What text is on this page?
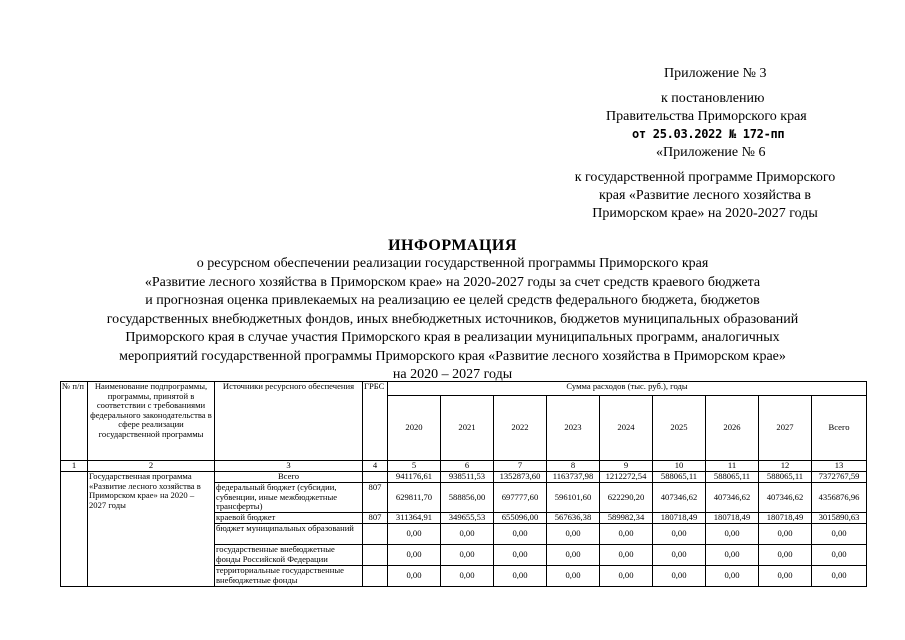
Приложение № 3
к постановлению
Правительства Приморского края
от 25.03.2022 № 172-пп
«Приложение № 6
к государственной программе Приморского
края «Развитие лесного хозяйства в
Приморском крае» на 2020-2027 годы
ИНФОРМАЦИЯ
о ресурсном обеспечении реализации государственной программы Приморского края
«Развитие лесного хозяйства в Приморском крае» на 2020-2027 годы за счет средств краевого бюджета
и прогнозная оценка привлекаемых на реализацию ее целей средств федерального бюджета, бюджетов
государственных внебюджетных фондов, иных внебюджетных источников, бюджетов муниципальных образований
Приморского края в случае участия Приморского края в реализации муниципальных программ, аналогичных
мероприятий государственной программы Приморского края «Развитие лесного хозяйства в Приморском крае»
на 2020 – 2027 годы
№ п/п	Наименование подпрограммы, программы, принятой в соответствии с требованиями федерального законодательства в сфере реализации государственной программы	Источники ресурсного обеспечения	ГРБС	Сумма расходов (тыс. руб.), годы								
				2020	2021	2022	2023	2024	2025	2026	2027	Всего
1	2	3	4	5	6	7	8	9	10	11	12	13
	Государственная программа «Развитие лесного хозяйства в Приморском крае» на 2020 – 2027 годы	Всего		941176,61	938511,53	1352873,60	1163737,98	1212272,54	588065,11	588065,11	588065,11	7372767,59
		федеральный бюджет (субсидии, субвенции, иные межбюджетные трансферты)	807	629811,70	588856,00	697777,60	596101,60	622290,20	407346,62	407346,62	407346,62	4356876,96
		краевой бюджет	807	311364,91	349655,53	655096,00	567636,38	589982,34	180718,49	180718,49	180718,49	3015890,63
		бюджет муниципальных образований		0,00	0,00	0,00	0,00	0,00	0,00	0,00	0,00	0,00
		государственные внебюджетные фонды Российской Федерации		0,00	0,00	0,00	0,00	0,00	0,00	0,00	0,00	0,00
		территориальные государственные внебюджетные фонды		0,00	0,00	0,00	0,00	0,00	0,00	0,00	0,00	0,00
